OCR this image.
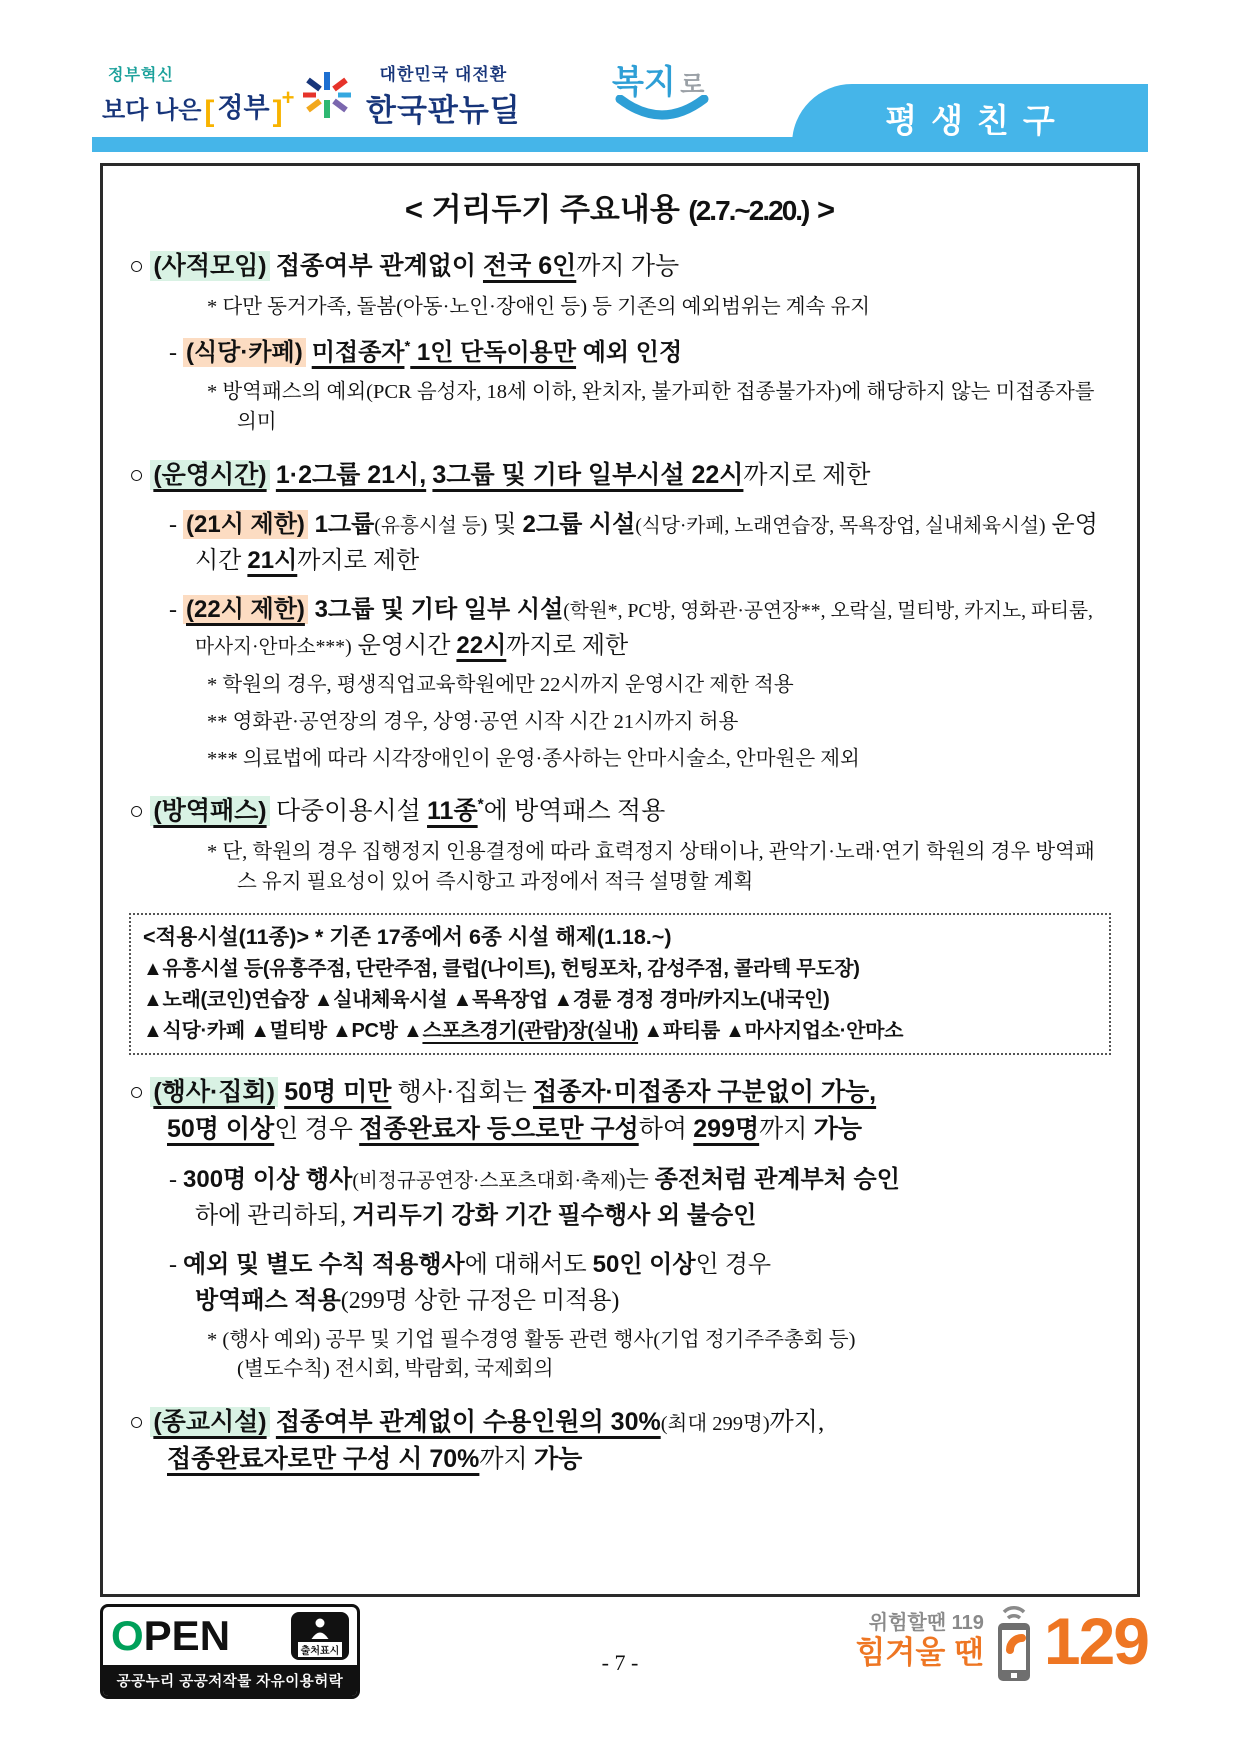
정부혁신
보다 나은 [ 정부 ] +
대한민국 대전환
한국판뉴딜
복지 로
평생친구
< 거리두기 주요내용 (2.7.~2.20.) >
○ (사적모임) 접종여부 관계없이 전국 6인까지 가능
* 다만 동거가족, 돌봄(아동·노인·장애인 등) 등 기존의 예외범위는 계속 유지
- (식당·카페) 미접종자* 1인 단독이용만 예외 인정
* 방역패스의 예외(PCR 음성자, 18세 이하, 완치자, 불가피한 접종불가자)에 해당하지 않는 미접종자를 의미
○ (운영시간) 1·2그룹 21시, 3그룹 및 기타 일부시설 22시까지로 제한
- (21시 제한) 1그룹(유흥시설 등) 및 2그룹 시설(식당·카페, 노래연습장, 목욕장업, 실내체육시설) 운영시간 21시까지로 제한
- (22시 제한) 3그룹 및 기타 일부 시설(학원*, PC방, 영화관·공연장**, 오락실, 멀티방, 카지노, 파티룸, 마사지·안마소***) 운영시간 22시까지로 제한
* 학원의 경우, 평생직업교육학원에만 22시까지 운영시간 제한 적용
** 영화관·공연장의 경우, 상영·공연 시작 시간 21시까지 허용
*** 의료법에 따라 시각장애인이 운영·종사하는 안마시술소, 안마원은 제외
○ (방역패스) 다중이용시설 11종*에 방역패스 적용
* 단, 학원의 경우 집행정지 인용결정에 따라 효력정지 상태이나, 관악기·노래·연기 학원의 경우 방역패스 유지 필요성이 있어 즉시항고 과정에서 적극 설명할 계획
<적용시설(11종)> * 기존 17종에서 6종 시설 해제(1.18.~)
▲유흥시설 등(유흥주점, 단란주점, 클럽(나이트), 헌팅포차, 감성주점, 콜라텍 무도장)
▲노래(코인)연습장 ▲실내체육시설 ▲목욕장업 ▲경륜 경정 경마/카지노(내국인)
▲식당·카페 ▲멀티방 ▲PC방 ▲스포츠경기(관람)장(실내) ▲파티룸 ▲마사지업소·안마소
○ (행사·집회) 50명 미만 행사·집회는 접종자·미접종자 구분없이 가능,
50명 이상인 경우 접종완료자 등으로만 구성하여 299명까지 가능
- 300명 이상 행사(비정규공연장·스포츠대회·축제)는 종전처럼 관계부처 승인
하에 관리하되, 거리두기 강화 기간 필수행사 외 불승인
- 예외 및 별도 수칙 적용행사에 대해서도 50인 이상인 경우
방역패스 적용(299명 상한 규정은 미적용)
* (행사 예외) 공무 및 기업 필수경영 활동 관련 행사(기업 정기주주총회 등)
(별도수칙) 전시회, 박람회, 국제회의
○ (종교시설) 접종여부 관계없이 수용인원의 30%(최대 299명)까지,
접종완료자로만 구성 시 70%까지 가능
OPEN	출처표시
공공누리 공공저작물 자유이용허락
- 7 -
위험할땐 119
힘겨울 땐 129
